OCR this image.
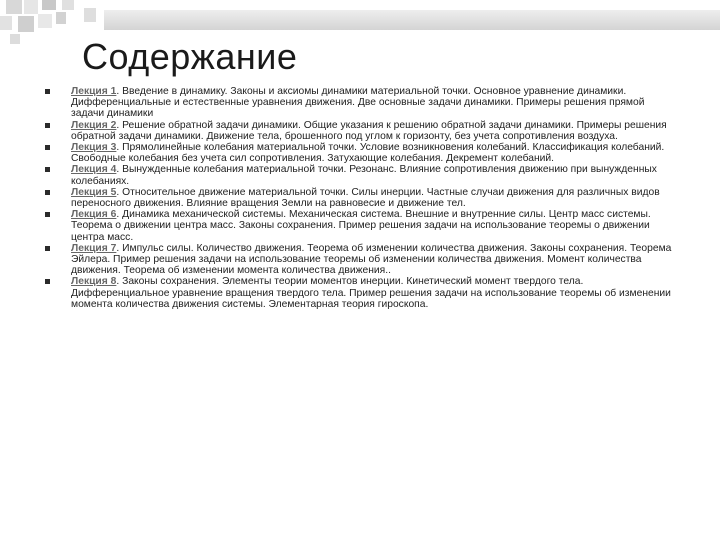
Содержание
Лекция 1. Введение в динамику. Законы и аксиомы динамики материальной точки. Основное уравнение динамики. Дифференциальные и естественные уравнения движения. Две основные задачи динамики. Примеры решения прямой задачи динамики
Лекция 2. Решение обратной задачи динамики. Общие указания к решению обратной задачи динамики. Примеры решения обратной задачи динамики. Движение тела, брошенного под углом к горизонту, без учета сопротивления воздуха.
Лекция 3. Прямолинейные колебания материальной точки. Условие возникновения колебаний. Классификация колебаний. Свободные колебания без учета сил сопротивления. Затухающие колебания. Декремент колебаний.
Лекция 4. Вынужденные колебания материальной точки. Резонанс. Влияние сопротивления движению при вынужденных колебаниях.
Лекция 5. Относительное движение материальной точки. Силы инерции. Частные случаи движения для различных видов переносного движения. Влияние вращения Земли на равновесие и движение тел.
Лекция 6. Динамика механической системы. Механическая система. Внешние и внутренние силы. Центр масс системы. Теорема о движении центра масс. Законы сохранения. Пример решения задачи на использование теоремы о движении центра масс.
Лекция 7. Импульс силы. Количество движения. Теорема об изменении количества движения. Законы сохранения. Теорема Эйлера. Пример решения задачи на использование теоремы об изменении количества движения. Момент количества движения. Теорема об изменении момента количества движения..
Лекция 8. Законы сохранения. Элементы теории моментов инерции. Кинетический момент твердого тела. Дифференциальное уравнение вращения твердого тела. Пример решения задачи на использование теоремы об изменении момента количества движения системы. Элементарная теория гироскопа.
